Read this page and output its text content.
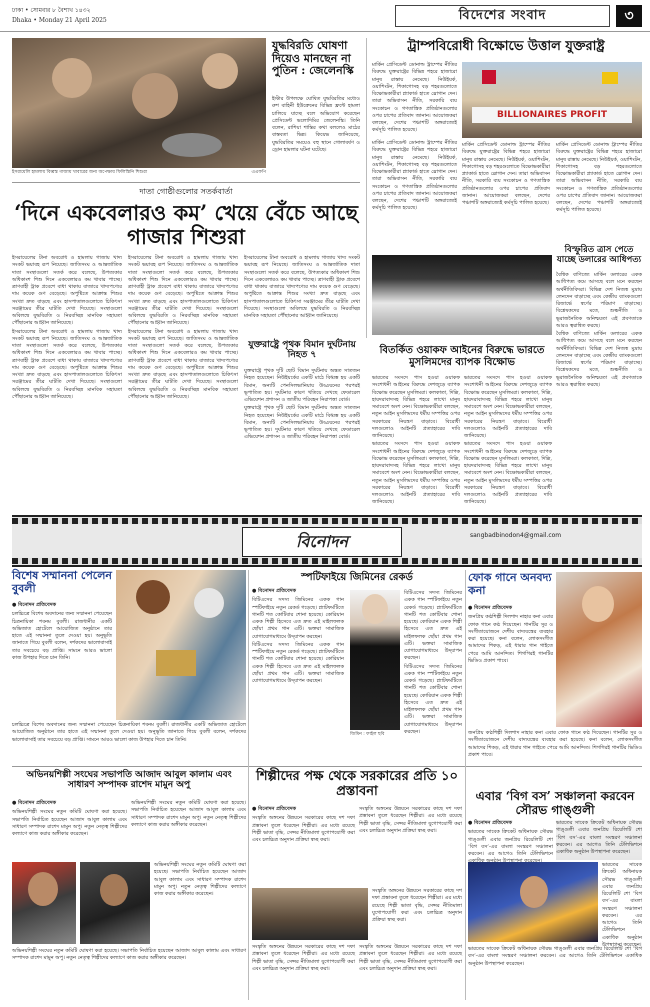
ঢাকা • সোমবার ৮ বৈশাখ ১৪৩২
Dhaka • Monday 21 April 2025	বিদেশের সংবাদ	৩
ইসরায়েলি হামলায় বিধ্বস্ত গাজায় খাবারের জন্য অপেক্ষায় ফিলিস্তিনি শিশুরা	এএফপি
যুদ্ধবিরতি ঘোষণা দিয়েও মানছেন না পুতিন : জেলেনস্কি

ইস্টার উপলক্ষে ঘোষিত যুদ্ধবিরতির মধ্যেও রুশ বাহিনী ইউক্রেনের বিভিন্ন ফ্রন্টে হামলা চালিয়ে যাচ্ছে বলে অভিযোগ করেছেন প্রেসিডেন্ট ভলোদিমির জেলেনস্কি। তিনি বলেন, রাশিয়া শান্তির কথা বললেও মাঠের বাস্তবতা ভিন্ন। কিয়েভ জানিয়েছে, যুদ্ধবিরতির সময়েও বহু স্থানে গোলাবর্ষণ ও ড্রোন হামলার ঘটনা ঘটেছে।

ট্রাম্পবিরোধী বিক্ষোভে উত্তাল যুক্তরাষ্ট্র

মার্কিন প্রেসিডেন্ট ডোনাল্ড ট্রাম্পের নীতির বিরুদ্ধে যুক্তরাষ্ট্রের বিভিন্ন শহরে হাজারো মানুষ রাস্তায় নেমেছে। নিউইয়র্ক, ওয়াশিংটন, শিকাগোসহ বড় শহরগুলোতে বিক্ষোভকারীরা প্ল্যাকার্ড হাতে স্লোগান দেন। তারা অভিবাসন নীতি, সরকারি ব্যয় সংকোচন ও গণতান্ত্রিক প্রতিষ্ঠানগুলোর ওপর চাপের প্রতিবাদ জানান। আয়োজকরা বলছেন, দেশের পঞ্চাশটি অঙ্গরাজ্যেই কর্মসূচি পালিত হয়েছে।

BILLIONAIRES PROFIT
দাতা গোষ্ঠীগুলোর সতর্কবার্তা
‘দিনে একবেলারও কম’ খেয়ে বেঁচে আছে গাজার শিশুরা

ইসরায়েলের টানা অবরোধ ও হামলায় গাজায় খাদ্য সংকট ভয়াবহ রূপ নিয়েছে। জাতিসংঘ ও আন্তর্জাতিক দাতা সংস্থাগুলো সতর্ক করে বলেছে, উপত্যকার অধিকাংশ শিশু দিনে একবেলারও কম খাবার পাচ্ছে। ত্রাণবাহী ট্রাক প্রবেশে বাধা থাকায় বাজারে খাদ্যপণ্যের দাম কয়েক গুণ বেড়েছে। অপুষ্টিতে আক্রান্ত শিশুর সংখ্যা দ্রুত বাড়ছে এবং হাসপাতালগুলোতে চিকিৎসা সরঞ্জামের তীব্র ঘাটতি দেখা দিয়েছে। সংস্থাগুলো অবিলম্বে যুদ্ধবিরতি ও নিরবচ্ছিন্ন মানবিক সহায়তা পৌঁছানোর আহ্বান জানিয়েছে।

ইসরায়েলের টানা অবরোধ ও হামলায় গাজায় খাদ্য সংকট ভয়াবহ রূপ নিয়েছে। জাতিসংঘ ও আন্তর্জাতিক দাতা সংস্থাগুলো সতর্ক করে বলেছে, উপত্যকার অধিকাংশ শিশু দিনে একবেলারও কম খাবার পাচ্ছে। ত্রাণবাহী ট্রাক প্রবেশে বাধা থাকায় বাজারে খাদ্যপণ্যের দাম কয়েক গুণ বেড়েছে। অপুষ্টিতে আক্রান্ত শিশুর সংখ্যা দ্রুত বাড়ছে এবং হাসপাতালগুলোতে চিকিৎসা সরঞ্জামের তীব্র ঘাটতি দেখা দিয়েছে। সংস্থাগুলো অবিলম্বে যুদ্ধবিরতি ও নিরবচ্ছিন্ন মানবিক সহায়তা পৌঁছানোর আহ্বান জানিয়েছে।

ইসরায়েলের টানা অবরোধ ও হামলায় গাজায় খাদ্য সংকট ভয়াবহ রূপ নিয়েছে। জাতিসংঘ ও আন্তর্জাতিক দাতা সংস্থাগুলো সতর্ক করে বলেছে, উপত্যকার অধিকাংশ শিশু দিনে একবেলারও কম খাবার পাচ্ছে। ত্রাণবাহী ট্রাক প্রবেশে বাধা থাকায় বাজারে খাদ্যপণ্যের দাম কয়েক গুণ বেড়েছে। অপুষ্টিতে আক্রান্ত শিশুর সংখ্যা দ্রুত বাড়ছে এবং হাসপাতালগুলোতে চিকিৎসা সরঞ্জামের তীব্র ঘাটতি দেখা দিয়েছে। সংস্থাগুলো অবিলম্বে যুদ্ধবিরতি ও নিরবচ্ছিন্ন মানবিক সহায়তা পৌঁছানোর আহ্বান জানিয়েছে।

ইসরায়েলের টানা অবরোধ ও হামলায় গাজায় খাদ্য সংকট ভয়াবহ রূপ নিয়েছে। জাতিসংঘ ও আন্তর্জাতিক দাতা সংস্থাগুলো সতর্ক করে বলেছে, উপত্যকার অধিকাংশ শিশু দিনে একবেলারও কম খাবার পাচ্ছে। ত্রাণবাহী ট্রাক প্রবেশে বাধা থাকায় বাজারে খাদ্যপণ্যের দাম কয়েক গুণ বেড়েছে। অপুষ্টিতে আক্রান্ত শিশুর সংখ্যা দ্রুত বাড়ছে এবং হাসপাতালগুলোতে চিকিৎসা সরঞ্জামের তীব্র ঘাটতি দেখা দিয়েছে। সংস্থাগুলো অবিলম্বে যুদ্ধবিরতি ও নিরবচ্ছিন্ন মানবিক সহায়তা পৌঁছানোর আহ্বান জানিয়েছে।

ইসরায়েলের টানা অবরোধ ও হামলায় গাজায় খাদ্য সংকট ভয়াবহ রূপ নিয়েছে। জাতিসংঘ ও আন্তর্জাতিক দাতা সংস্থাগুলো সতর্ক করে বলেছে, উপত্যকার অধিকাংশ শিশু দিনে একবেলারও কম খাবার পাচ্ছে। ত্রাণবাহী ট্রাক প্রবেশে বাধা থাকায় বাজারে খাদ্যপণ্যের দাম কয়েক গুণ বেড়েছে। অপুষ্টিতে আক্রান্ত শিশুর সংখ্যা দ্রুত বাড়ছে এবং হাসপাতালগুলোতে চিকিৎসা সরঞ্জামের তীব্র ঘাটতি দেখা দিয়েছে। সংস্থাগুলো অবিলম্বে যুদ্ধবিরতি ও নিরবচ্ছিন্ন মানবিক সহায়তা পৌঁছানোর আহ্বান জানিয়েছে।

যুক্তরাষ্ট্রে পৃথক বিমান দুর্ঘটনায় নিহত ৭

যুক্তরাষ্ট্রে পৃথক দুটি ছোট বিমান দুর্ঘটনায় অন্তত সাতজন নিহত হয়েছেন। নিউইয়র্কের একটি মাঠে বিধ্বস্ত হয় একটি বিমান, অন্যটি পেনসিলভানিয়ায় উড্ডয়নের পরপরই ভূপাতিত হয়। দুর্ঘটনার কারণ খতিয়ে দেখছে ফেডারেল এভিয়েশন প্রশাসন ও জাতীয় পরিবহন নিরাপত্তা বোর্ড।

যুক্তরাষ্ট্রে পৃথক দুটি ছোট বিমান দুর্ঘটনায় অন্তত সাতজন নিহত হয়েছেন। নিউইয়র্কের একটি মাঠে বিধ্বস্ত হয় একটি বিমান, অন্যটি পেনসিলভানিয়ায় উড্ডয়নের পরপরই ভূপাতিত হয়। দুর্ঘটনার কারণ খতিয়ে দেখছে ফেডারেল এভিয়েশন প্রশাসন ও জাতীয় পরিবহন নিরাপত্তা বোর্ড।

মার্কিন প্রেসিডেন্ট ডোনাল্ড ট্রাম্পের নীতির বিরুদ্ধে যুক্তরাষ্ট্রের বিভিন্ন শহরে হাজারো মানুষ রাস্তায় নেমেছে। নিউইয়র্ক, ওয়াশিংটন, শিকাগোসহ বড় শহরগুলোতে বিক্ষোভকারীরা প্ল্যাকার্ড হাতে স্লোগান দেন। তারা অভিবাসন নীতি, সরকারি ব্যয় সংকোচন ও গণতান্ত্রিক প্রতিষ্ঠানগুলোর ওপর চাপের প্রতিবাদ জানান। আয়োজকরা বলছেন, দেশের পঞ্চাশটি অঙ্গরাজ্যেই কর্মসূচি পালিত হয়েছে।

মার্কিন প্রেসিডেন্ট ডোনাল্ড ট্রাম্পের নীতির বিরুদ্ধে যুক্তরাষ্ট্রের বিভিন্ন শহরে হাজারো মানুষ রাস্তায় নেমেছে। নিউইয়র্ক, ওয়াশিংটন, শিকাগোসহ বড় শহরগুলোতে বিক্ষোভকারীরা প্ল্যাকার্ড হাতে স্লোগান দেন। তারা অভিবাসন নীতি, সরকারি ব্যয় সংকোচন ও গণতান্ত্রিক প্রতিষ্ঠানগুলোর ওপর চাপের প্রতিবাদ জানান। আয়োজকরা বলছেন, দেশের পঞ্চাশটি অঙ্গরাজ্যেই কর্মসূচি পালিত হয়েছে।

মার্কিন প্রেসিডেন্ট ডোনাল্ড ট্রাম্পের নীতির বিরুদ্ধে যুক্তরাষ্ট্রের বিভিন্ন শহরে হাজারো মানুষ রাস্তায় নেমেছে। নিউইয়র্ক, ওয়াশিংটন, শিকাগোসহ বড় শহরগুলোতে বিক্ষোভকারীরা প্ল্যাকার্ড হাতে স্লোগান দেন। তারা অভিবাসন নীতি, সরকারি ব্যয় সংকোচন ও গণতান্ত্রিক প্রতিষ্ঠানগুলোর ওপর চাপের প্রতিবাদ জানান। আয়োজকরা বলছেন, দেশের পঞ্চাশটি অঙ্গরাজ্যেই কর্মসূচি পালিত হয়েছে।

বিস্ফুরিত ত্রাস পেতে যাচ্ছে ডলারের আধিপত্য

বৈশ্বিক বাণিজ্যে মার্কিন ডলারের একক আধিপত্য কমে আসছে বলে মনে করছেন অর্থনীতিবিদরা। বিভিন্ন দেশ নিজস্ব মুদ্রায় লেনদেন বাড়াচ্ছে এবং কেন্দ্রীয় ব্যাংকগুলো রিজার্ভে স্বর্ণের পরিমাণ বাড়াচ্ছে। বিশ্লেষকদের মতে, শুল্কনীতি ও ভূরাজনৈতিক অনিশ্চয়তা এই প্রবণতাকে আরও ত্বরান্বিত করছে।

বৈশ্বিক বাণিজ্যে মার্কিন ডলারের একক আধিপত্য কমে আসছে বলে মনে করছেন অর্থনীতিবিদরা। বিভিন্ন দেশ নিজস্ব মুদ্রায় লেনদেন বাড়াচ্ছে এবং কেন্দ্রীয় ব্যাংকগুলো রিজার্ভে স্বর্ণের পরিমাণ বাড়াচ্ছে। বিশ্লেষকদের মতে, শুল্কনীতি ও ভূরাজনৈতিক অনিশ্চয়তা এই প্রবণতাকে আরও ত্বরান্বিত করছে।

বিতর্কিত ওয়াকফ আইনের বিরুদ্ধে ভারতে মুসলিমদের ব্যাপক বিক্ষোভ

ভারতের সংসদে পাস হওয়া ওয়াকফ সংশোধনী আইনের বিরুদ্ধে দেশজুড়ে ব্যাপক বিক্ষোভ করেছেন মুসলিমরা। কলকাতা, দিল্লি, হায়দরাবাদসহ বিভিন্ন শহরে লাখো মানুষ সমাবেশে অংশ নেন। বিক্ষোভকারীরা বলছেন, নতুন আইন মুসলিমদের ধর্মীয় সম্পত্তির ওপর সরকারের নিয়ন্ত্রণ বাড়াবে। বিরোধী দলগুলোও আইনটি প্রত্যাহারের দাবি জানিয়েছে।

ভারতের সংসদে পাস হওয়া ওয়াকফ সংশোধনী আইনের বিরুদ্ধে দেশজুড়ে ব্যাপক বিক্ষোভ করেছেন মুসলিমরা। কলকাতা, দিল্লি, হায়দরাবাদসহ বিভিন্ন শহরে লাখো মানুষ সমাবেশে অংশ নেন। বিক্ষোভকারীরা বলছেন, নতুন আইন মুসলিমদের ধর্মীয় সম্পত্তির ওপর সরকারের নিয়ন্ত্রণ বাড়াবে। বিরোধী দলগুলোও আইনটি প্রত্যাহারের দাবি জানিয়েছে।

ভারতের সংসদে পাস হওয়া ওয়াকফ সংশোধনী আইনের বিরুদ্ধে দেশজুড়ে ব্যাপক বিক্ষোভ করেছেন মুসলিমরা। কলকাতা, দিল্লি, হায়দরাবাদসহ বিভিন্ন শহরে লাখো মানুষ সমাবেশে অংশ নেন। বিক্ষোভকারীরা বলছেন, নতুন আইন মুসলিমদের ধর্মীয় সম্পত্তির ওপর সরকারের নিয়ন্ত্রণ বাড়াবে। বিরোধী দলগুলোও আইনটি প্রত্যাহারের দাবি জানিয়েছে।

ভারতের সংসদে পাস হওয়া ওয়াকফ সংশোধনী আইনের বিরুদ্ধে দেশজুড়ে ব্যাপক বিক্ষোভ করেছেন মুসলিমরা। কলকাতা, দিল্লি, হায়দরাবাদসহ বিভিন্ন শহরে লাখো মানুষ সমাবেশে অংশ নেন। বিক্ষোভকারীরা বলছেন, নতুন আইন মুসলিমদের ধর্মীয় সম্পত্তির ওপর সরকারের নিয়ন্ত্রণ বাড়াবে। বিরোধী দলগুলোও আইনটি প্রত্যাহারের দাবি জানিয়েছে।

বিনোদন	sangbadbinodon4@gmail.com
বিশেষ সম্মাননা পেলেন বুবলী
● বিনোদন প্রতিবেদক

চলচ্চিত্রে বিশেষ অবদানের জন্য সম্মাননা পেয়েছেন চিত্রনায়িকা শবনম বুবলী। রাজধানীর একটি অভিজাত হোটেলে আয়োজিত অনুষ্ঠানে তার হাতে এই সম্মাননা তুলে দেওয়া হয়। অনুভূতি জানাতে গিয়ে বুবলী বলেন, দর্শকদের ভালোবাসাই তার সবচেয়ে বড় প্রাপ্তি। সামনে আরও ভালো কাজ উপহার দিতে চান তিনি।

চলচ্চিত্রে বিশেষ অবদানের জন্য সম্মাননা পেয়েছেন চিত্রনায়িকা শবনম বুবলী। রাজধানীর একটি অভিজাত হোটেলে আয়োজিত অনুষ্ঠানে তার হাতে এই সম্মাননা তুলে দেওয়া হয়। অনুভূতি জানাতে গিয়ে বুবলী বলেন, দর্শকদের ভালোবাসাই তার সবচেয়ে বড় প্রাপ্তি। সামনে আরও ভালো কাজ উপহার দিতে চান তিনি।

স্পটিফাইয়ে জিমিনের রেকর্ড
● বিনোদন প্রতিবেদক

বিটিএসের সদস্য জিমিনের একক গান স্পটিফাইয়ে নতুন রেকর্ড গড়েছে। প্ল্যাটফর্মটিতে গানটি শত কোটিবার শোনা হয়েছে। কোরিয়ান একক শিল্পী হিসেবে এত দ্রুত এই মাইলফলক ছোঁয়া প্রথম গান এটি। ভক্তরা সামাজিক যোগাযোগমাধ্যমে উদ্‌যাপন করছেন।

বিটিএসের সদস্য জিমিনের একক গান স্পটিফাইয়ে নতুন রেকর্ড গড়েছে। প্ল্যাটফর্মটিতে গানটি শত কোটিবার শোনা হয়েছে। কোরিয়ান একক শিল্পী হিসেবে এত দ্রুত এই মাইলফলক ছোঁয়া প্রথম গান এটি। ভক্তরা সামাজিক যোগাযোগমাধ্যমে উদ্‌যাপন করছেন।

জিমিন : ফাইল ছবি

বিটিএসের সদস্য জিমিনের একক গান স্পটিফাইয়ে নতুন রেকর্ড গড়েছে। প্ল্যাটফর্মটিতে গানটি শত কোটিবার শোনা হয়েছে। কোরিয়ান একক শিল্পী হিসেবে এত দ্রুত এই মাইলফলক ছোঁয়া প্রথম গান এটি। ভক্তরা সামাজিক যোগাযোগমাধ্যমে উদ্‌যাপন করছেন।

বিটিএসের সদস্য জিমিনের একক গান স্পটিফাইয়ে নতুন রেকর্ড গড়েছে। প্ল্যাটফর্মটিতে গানটি শত কোটিবার শোনা হয়েছে। কোরিয়ান একক শিল্পী হিসেবে এত দ্রুত এই মাইলফলক ছোঁয়া প্রথম গান এটি। ভক্তরা সামাজিক যোগাযোগমাধ্যমে উদ্‌যাপন করছেন।

ফোক গানে অনবদ্য কনা
● বিনোদন প্রতিবেদক

জনপ্রিয় কণ্ঠশিল্পী দিলশাদ নাহার কনা এবার ফোক গানে কণ্ঠ দিয়েছেন। গানটির সুর ও সংগীতায়োজনে দেশীয় বাদ্যযন্ত্রের ব্যবহার করা হয়েছে। কনা বলেন, লোকসংগীত আমাদের শিকড়, এই ধারার গান গাইতে পেরে আমি আনন্দিত। শিগগিরই গানটির ভিডিও প্রকাশ পাবে।

জনপ্রিয় কণ্ঠশিল্পী দিলশাদ নাহার কনা এবার ফোক গানে কণ্ঠ দিয়েছেন। গানটির সুর ও সংগীতায়োজনে দেশীয় বাদ্যযন্ত্রের ব্যবহার করা হয়েছে। কনা বলেন, লোকসংগীত আমাদের শিকড়, এই ধারার গান গাইতে পেরে আমি আনন্দিত। শিগগিরই গানটির ভিডিও প্রকাশ পাবে।

অভিনয়শিল্পী সংঘের সভাপতি আজাদ আবুল কালাম এবং সাধারণ সম্পাদক রাশেদ মামুন অপু
● বিনোদন প্রতিবেদক

অভিনয়শিল্পী সংঘের নতুন কমিটি ঘোষণা করা হয়েছে। সভাপতি নির্বাচিত হয়েছেন আজাদ আবুল কালাম এবং সাধারণ সম্পাদক রাশেদ মামুন অপু। নতুন নেতৃত্ব শিল্পীদের কল্যাণে কাজ করার অঙ্গীকার করেছেন।

অভিনয়শিল্পী সংঘের নতুন কমিটি ঘোষণা করা হয়েছে। সভাপতি নির্বাচিত হয়েছেন আজাদ আবুল কালাম এবং সাধারণ সম্পাদক রাশেদ মামুন অপু। নতুন নেতৃত্ব শিল্পীদের কল্যাণে কাজ করার অঙ্গীকার করেছেন।

অভিনয়শিল্পী সংঘের নতুন কমিটি ঘোষণা করা হয়েছে। সভাপতি নির্বাচিত হয়েছেন আজাদ আবুল কালাম এবং সাধারণ সম্পাদক রাশেদ মামুন অপু। নতুন নেতৃত্ব শিল্পীদের কল্যাণে কাজ করার অঙ্গীকার করেছেন।

অভিনয়শিল্পী সংঘের নতুন কমিটি ঘোষণা করা হয়েছে। সভাপতি নির্বাচিত হয়েছেন আজাদ আবুল কালাম এবং সাধারণ সম্পাদক রাশেদ মামুন অপু। নতুন নেতৃত্ব শিল্পীদের কল্যাণে কাজ করার অঙ্গীকার করেছেন।

শিল্পীদের পক্ষ থেকে সরকারের প্রতি ১০ প্রস্তাবনা
● বিনোদন প্রতিবেদক

সংস্কৃতি অঙ্গনের উন্নয়নে সরকারের কাছে দশ দফা প্রস্তাবনা তুলে ধরেছেন শিল্পীরা। এর মধ্যে রয়েছে শিল্পী ভাতা বৃদ্ধি, সেন্সর নীতিমালা যুগোপযোগী করা এবং চলচ্চিত্র অনুদান প্রক্রিয়া স্বচ্ছ করা।

সংস্কৃতি অঙ্গনের উন্নয়নে সরকারের কাছে দশ দফা প্রস্তাবনা তুলে ধরেছেন শিল্পীরা। এর মধ্যে রয়েছে শিল্পী ভাতা বৃদ্ধি, সেন্সর নীতিমালা যুগোপযোগী করা এবং চলচ্চিত্র অনুদান প্রক্রিয়া স্বচ্ছ করা।

সংস্কৃতি অঙ্গনের উন্নয়নে সরকারের কাছে দশ দফা প্রস্তাবনা তুলে ধরেছেন শিল্পীরা। এর মধ্যে রয়েছে শিল্পী ভাতা বৃদ্ধি, সেন্সর নীতিমালা যুগোপযোগী করা এবং চলচ্চিত্র অনুদান প্রক্রিয়া স্বচ্ছ করা।

সংস্কৃতি অঙ্গনের উন্নয়নে সরকারের কাছে দশ দফা প্রস্তাবনা তুলে ধরেছেন শিল্পীরা। এর মধ্যে রয়েছে শিল্পী ভাতা বৃদ্ধি, সেন্সর নীতিমালা যুগোপযোগী করা এবং চলচ্চিত্র অনুদান প্রক্রিয়া স্বচ্ছ করা।

সংস্কৃতি অঙ্গনের উন্নয়নে সরকারের কাছে দশ দফা প্রস্তাবনা তুলে ধরেছেন শিল্পীরা। এর মধ্যে রয়েছে শিল্পী ভাতা বৃদ্ধি, সেন্সর নীতিমালা যুগোপযোগী করা এবং চলচ্চিত্র অনুদান প্রক্রিয়া স্বচ্ছ করা।

এবার ‘বিগ বস’ সঞ্চালনা করবেন সৌরভ গাঙ্গুলী
● বিনোদন প্রতিবেদক

ভারতের সাবেক ক্রিকেট অধিনায়ক সৌরভ গাঙ্গুলী এবার জনপ্রিয় রিয়েলিটি শো ‘বিগ বস’-এর বাংলা সংস্করণ সঞ্চালনা করবেন। এর আগেও তিনি টেলিভিশনে

ভারতের সাবেক ক্রিকেট অধিনায়ক সৌরভ গাঙ্গুলী এবার জনপ্রিয় রিয়েলিটি শো ‘বিগ বস’-এর বাংলা সংস্করণ সঞ্চালনা করবেন। এর আগেও তিনি টেলিভিশনে একাধিক অনুষ্ঠান উপস্থাপনা করেছেন।

ভারতের সাবেক ক্রিকেট অধিনায়ক সৌরভ গাঙ্গুলী এবার জনপ্রিয় রিয়েলিটি শো ‘বিগ বস’-এর বাংলা সংস্করণ সঞ্চালনা করবেন। এর আগেও তিনি টেলিভিশনে একাধিক অনুষ্ঠান উপস্থাপনা করেছেন।

ভারতের সাবেক ক্রিকেট অধিনায়ক সৌরভ গাঙ্গুলী এবার জনপ্রিয় রিয়েলিটি শো ‘বিগ বস’-এর বাংলা সংস্করণ সঞ্চালনা করবেন। এর আগেও তিনি টেলিভিশনে একাধিক অনুষ্ঠান উপস্থাপনা করেছেন।
